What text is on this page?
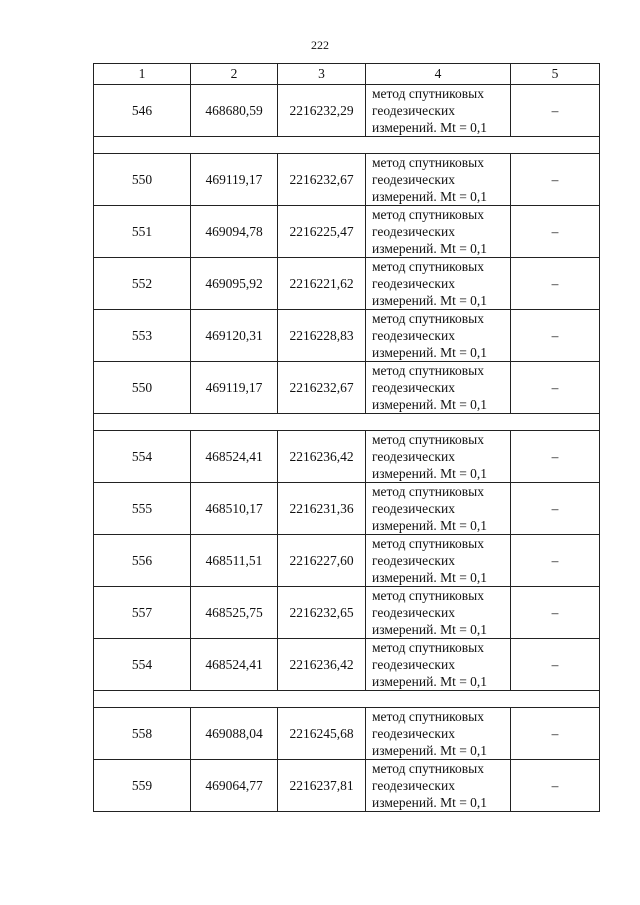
222
1	2	3	4	5
546	468680,59	2216232,29	метод спутниковых
геодезических
измерений. Mt = 0,1	–

550	469119,17	2216232,67	метод спутниковых
геодезических
измерений. Mt = 0,1	–
551	469094,78	2216225,47	метод спутниковых
геодезических
измерений. Mt = 0,1	–
552	469095,92	2216221,62	метод спутниковых
геодезических
измерений. Mt = 0,1	–
553	469120,31	2216228,83	метод спутниковых
геодезических
измерений. Mt = 0,1	–
550	469119,17	2216232,67	метод спутниковых
геодезических
измерений. Mt = 0,1	–

554	468524,41	2216236,42	метод спутниковых
геодезических
измерений. Mt = 0,1	–
555	468510,17	2216231,36	метод спутниковых
геодезических
измерений. Mt = 0,1	–
556	468511,51	2216227,60	метод спутниковых
геодезических
измерений. Mt = 0,1	–
557	468525,75	2216232,65	метод спутниковых
геодезических
измерений. Mt = 0,1	–
554	468524,41	2216236,42	метод спутниковых
геодезических
измерений. Mt = 0,1	–

558	469088,04	2216245,68	метод спутниковых
геодезических
измерений. Mt = 0,1	–
559	469064,77	2216237,81	метод спутниковых
геодезических
измерений. Mt = 0,1	–
